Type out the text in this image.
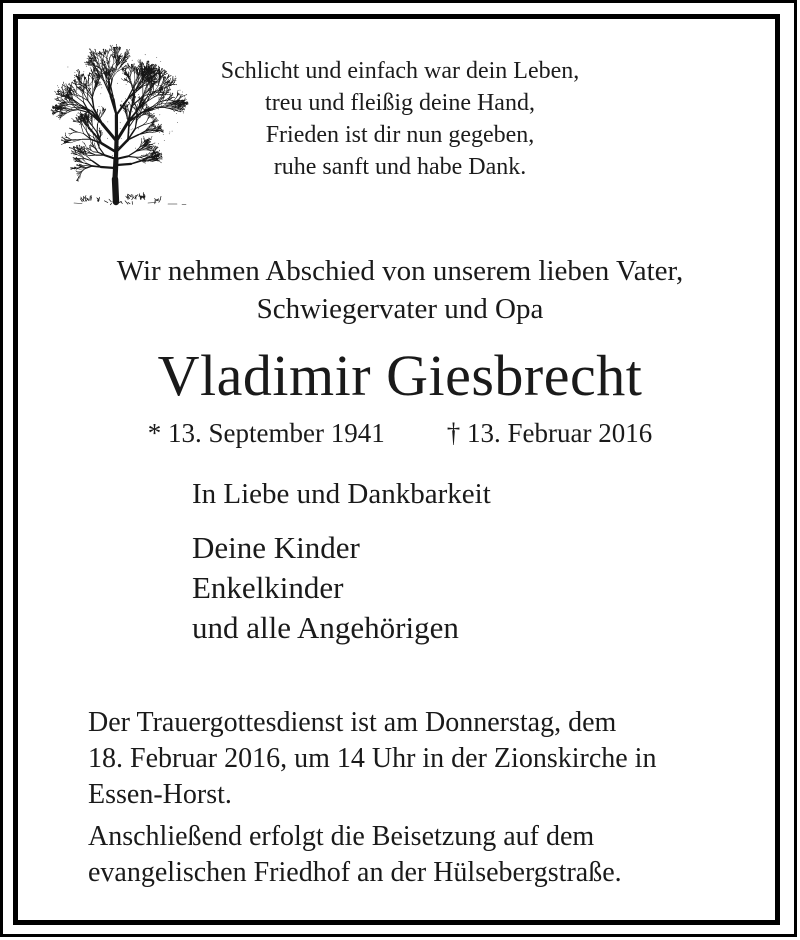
Schlicht und einfach war dein Leben,
treu und fleißig deine Hand,
Frieden ist dir nun gegeben,
ruhe sanft und habe Dank.
Wir nehmen Abschied von unserem lieben Vater,
Schwiegervater und Opa
Vladimir Giesbrecht
* 13. September 1941 † 13. Februar 2016
In Liebe und Dankbarkeit
Deine Kinder
Enkelkinder
und alle Angehörigen
Der Trauergottesdienst ist am Donnerstag, dem
18. Februar 2016, um 14 Uhr in der Zionskirche in
Essen-Horst.
Anschließend erfolgt die Beisetzung auf dem
evangelischen Friedhof an der Hülsebergstraße.
